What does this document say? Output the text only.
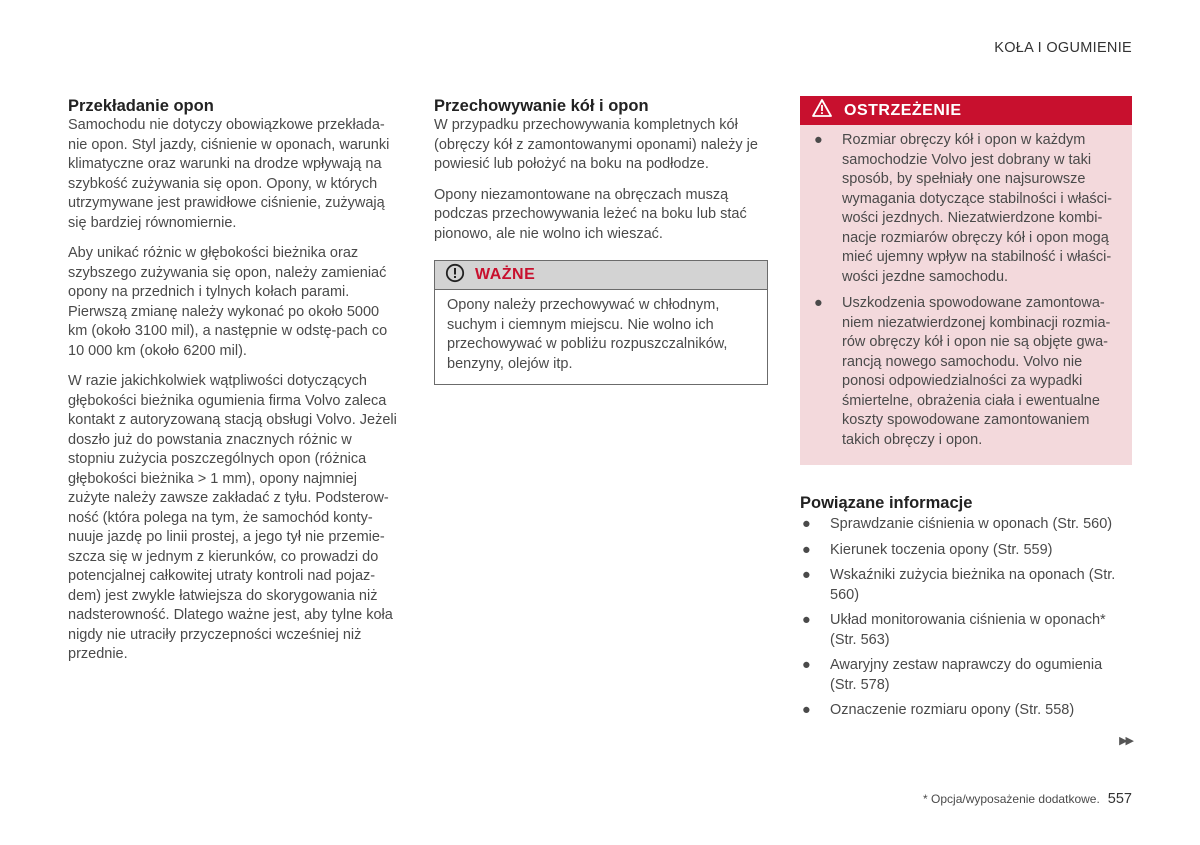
KOŁA I OGUMIENIE
Przekładanie opon

Samochodu nie dotyczy obowiązkowe przekłada-nie opon. Styl jazdy, ciśnienie w oponach, warunki klimatyczne oraz warunki na drodze wpływają na szybkość zużywania się opon. Opony, w których utrzymywane jest prawidłowe ciśnienie, zużywają się bardziej równomiernie.

Aby unikać różnic w głębokości bieżnika oraz szybszego zużywania się opon, należy zamieniać opony na przednich i tylnych kołach parami. Pierwszą zmianę należy wykonać po około 5000 km (około 3100 mil), a następnie w odstę-pach co 10 000 km (około 6200 mil).

W razie jakichkolwiek wątpliwości dotyczących głębokości bieżnika ogumienia firma Volvo zaleca kontakt z autoryzowaną stacją obsługi Volvo. Jeżeli doszło już do powstania znacznych różnic w stopniu zużycia poszczególnych opon (różnica głębokości bieżnika > 1 mm), opony najmniej zużyte należy zawsze zakładać z tyłu. Podsterow-ność (która polega na tym, że samochód konty-nuuje jazdę po linii prostej, a jego tył nie przemie-szcza się w jednym z kierunków, co prowadzi do potencjalnej całkowitej utraty kontroli nad pojaz-dem) jest zwykle łatwiejsza do skorygowania niż nadsterowność. Dlatego ważne jest, aby tylne koła nigdy nie utraciły przyczepności wcześniej niż przednie.

Przechowywanie kół i opon

W przypadku przechowywania kompletnych kół (obręczy kół z zamontowanymi oponami) należy je powiesić lub położyć na boku na podłodze.

Opony niezamontowane na obręczach muszą podczas przechowywania leżeć na boku lub stać pionowo, ale nie wolno ich wieszać.

WAŻNE

Opony należy przechowywać w chłodnym, suchym i ciemnym miejscu. Nie wolno ich przechowywać w pobliżu rozpuszczalników, benzyny, olejów itp.

OSTRZEŻENIE
●	Rozmiar obręczy kół i opon w każdym samochodzie Volvo jest dobrany w taki sposób, by spełniały one najsurowsze wymagania dotyczące stabilności i właści-wości jezdnych. Niezatwierdzone kombi-nacje rozmiarów obręczy kół i opon mogą mieć ujemny wpływ na stabilność i właści-wości jezdne samochodu.
●	Uszkodzenia spowodowane zamontowa-niem niezatwierdzonej kombinacji rozmia-rów obręczy kół i opon nie są objęte gwa-rancją nowego samochodu. Volvo nie ponosi odpowiedzialności za wypadki śmiertelne, obrażenia ciała i ewentualne koszty spowodowane zamontowaniem takich obręczy i opon.
Powiązane informacje
●	Sprawdzanie ciśnienia w oponach (Str. 560)
●	Kierunek toczenia opony (Str. 559)
●	Wskaźniki zużycia bieżnika na oponach (Str. 560)
●	Układ monitorowania ciśnienia w oponach* (Str. 563)
●	Awaryjny zestaw naprawczy do ogumienia (Str. 578)
●	Oznaczenie rozmiaru opony (Str. 558)
▶▶
* Opcja/wyposażenie dodatkowe. 557
